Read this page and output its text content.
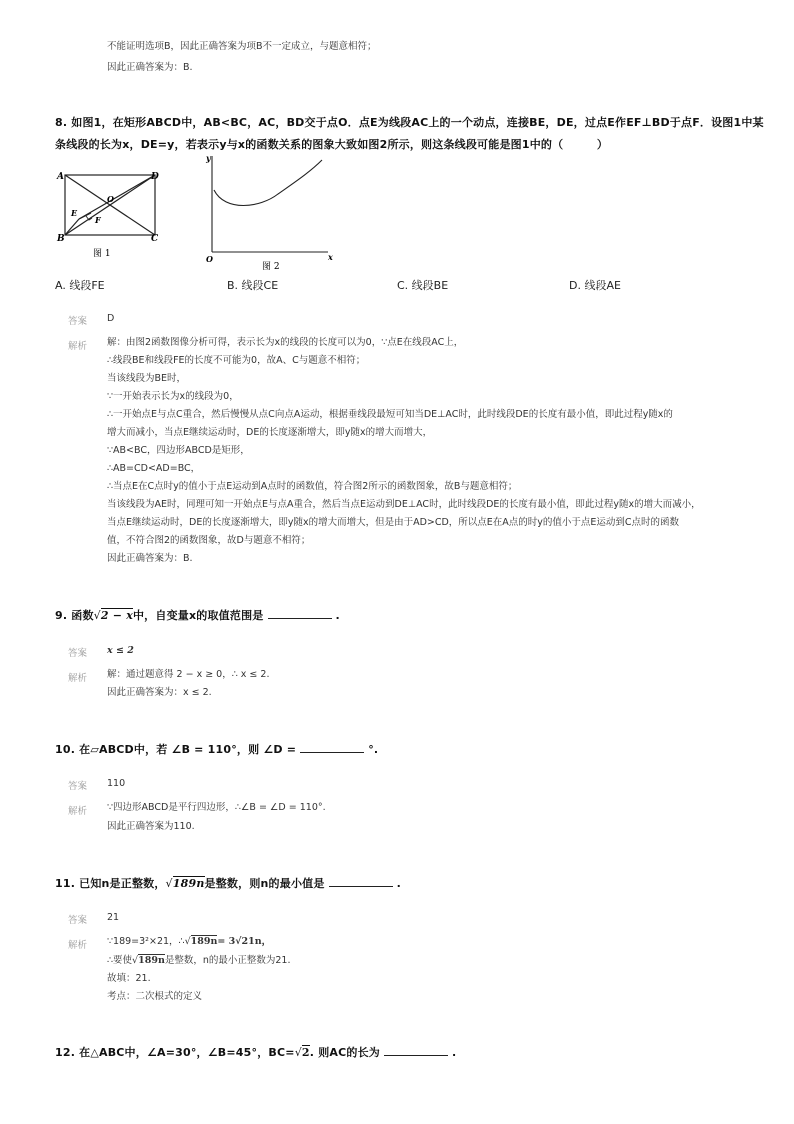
不能证明选项B，因此正确答案为项B不一定成立，与题意相符；
因此正确答案为：B.
8. 如图1，在矩形ABCD中，AB<BC，AC，BD交于点O．点E为线段AC上的一个动点，连接BE，DE，过点E作EF⊥BD于点F．设图1中某
条线段的长为x，DE=y，若表示y与x的函数关系的图象大致如图2所示，则这条线段可能是图1中的（　　　）
A	D
B	C
E
O
F
图 1
y
x
O
图 2
A. 线段FE	B. 线段CE	C. 线段BE	D. 线段AE
答案 D
解析 解：由图2函数图像分析可得，表示长为x的线段的长度可以为0，∵点E在线段AC上，
∴线段BE和线段FE的长度不可能为0，故A、C与题意不相符；
当该线段为BE时，
∵一开始表示长为x的线段为0，
∴一开始点E与点C重合，然后慢慢从点C向点A运动，根据垂线段最短可知当DE⊥AC时，此时线段DE的长度有最小值，即此过程y随x的
增大而减小，当点E继续运动时，DE的长度逐渐增大，即y随x的增大而增大，
∵AB<BC，四边形ABCD是矩形，
∴AB=CD<AD=BC，
∴当点E在C点时y的值小于点E运动到A点时的函数值，符合图2所示的函数图象，故B与题意相符；
当该线段为AE时，同理可知一开始点E与点A重合，然后当点E运动到DE⊥AC时，此时线段DE的长度有最小值，即此过程y随x的增大而减小，
当点E继续运动时，DE的长度逐渐增大，即y随x的增大而增大，但是由于AD>CD，所以点E在A点的时y的值小于点E运动到C点时的函数
值，不符合图2的函数图象，故D与题意不相符；
因此正确答案为：B.
9. 函数√2 − x中，自变量x的取值范围是	.
答案 x ≤ 2
解析 解：通过题意得 2 − x ≥ 0，∴ x ≤ 2.
因此正确答案为：x ≤ 2.
10. 在▱ABCD中，若 ∠B = 110°，则 ∠D =	°.
答案 110
解析 ∵四边形ABCD是平行四边形，∴∠B = ∠D = 110°.
因此正确答案为110.
11. 已知n是正整数，√189n是整数，则n的最小值是	.
答案 21
解析 ∵189=3²×21，∴√189n= 3√21n，
∴要使√189n是整数，n的最小正整数为21.
故填：21.
考点：二次根式的定义
12. 在△ABC中，∠A=30°，∠B=45°，BC=√2. 则AC的长为	.
